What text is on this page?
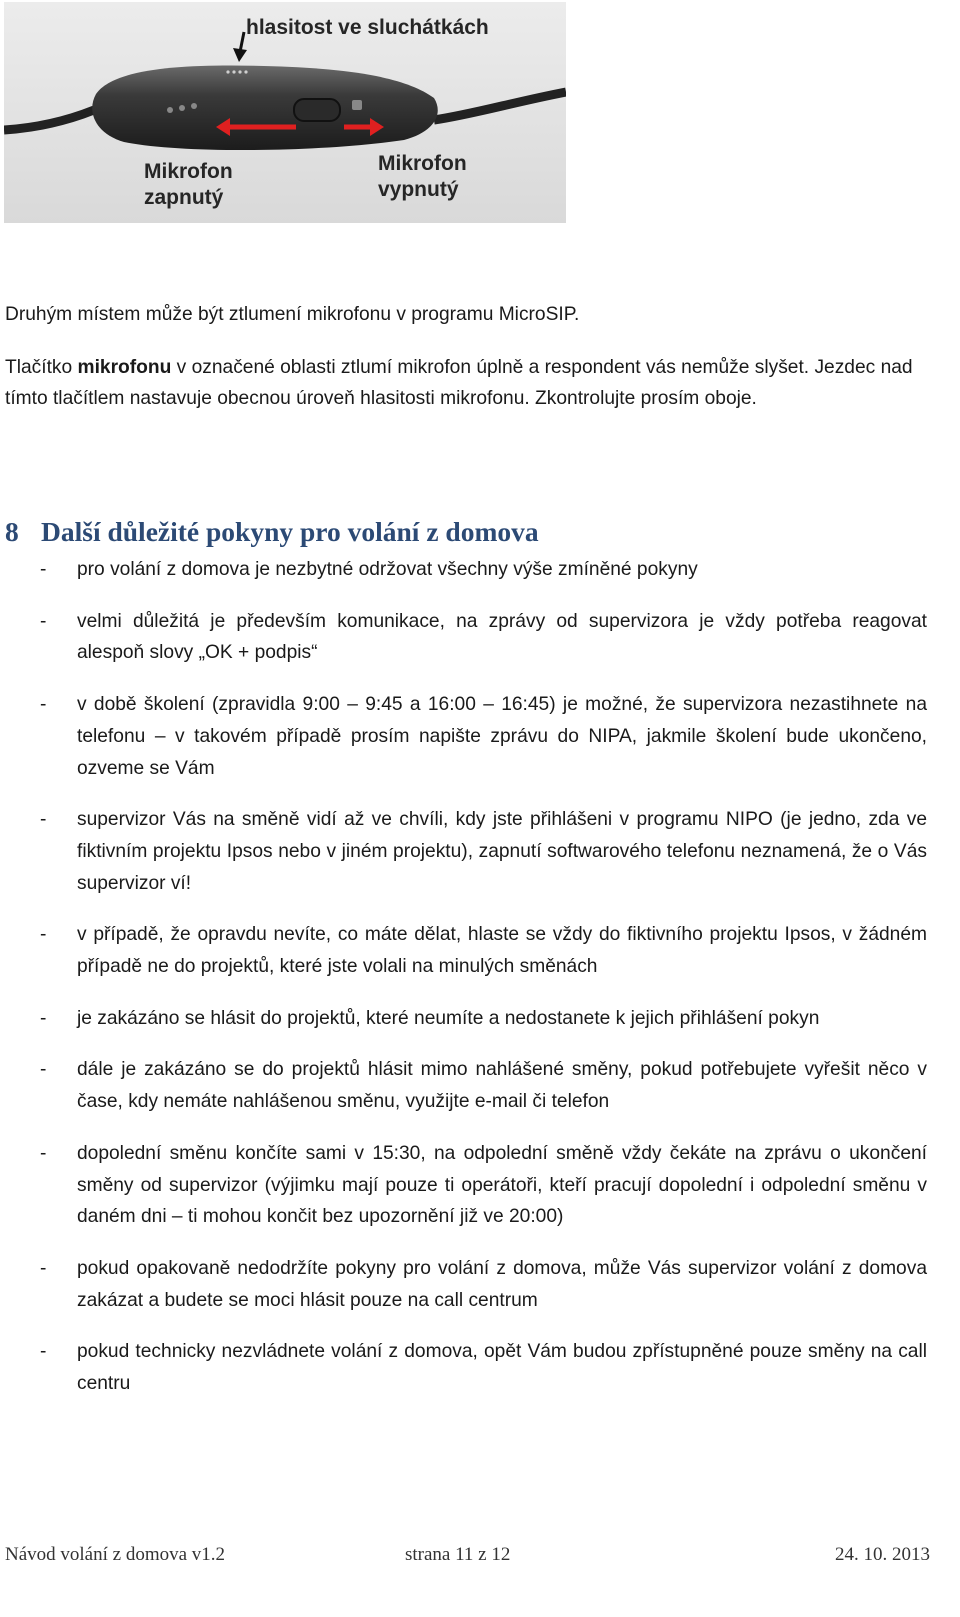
hlasitost ve sluchátkách
Mikrofon
zapnutý
Mikrofon
vypnutý

Druhým místem může být ztlumení mikrofonu v programu MicroSIP.

Tlačítko mikrofonu v označené oblasti ztlumí mikrofon úplně a respondent vás nemůže slyšet. Jezdec nad tímto tlačítlem nastavuje obecnou úroveň hlasitosti mikrofonu. Zkontrolujte prosím oboje.

8 Další důležité pokyny pro volání z domova
- pro volání z domova je nezbytné održovat všechny výše zmíněné pokyny
- velmi důležitá je především komunikace, na zprávy od supervizora je vždy potřeba reagovat alespoň slovy „OK + podpis“
- v době školení (zpravidla 9:00 – 9:45 a 16:00 – 16:45) je možné, že supervizora nezastihnete na telefonu – v takovém případě prosím napište zprávu do NIPA, jakmile školení bude ukončeno, ozveme se Vám
- supervizor Vás na směně vidí až ve chvíli, kdy jste přihlášeni v programu NIPO (je jedno, zda ve fiktivním projektu Ipsos nebo v jiném projektu), zapnutí softwarového telefonu neznamená, že o Vás supervizor ví!
- v případě, že opravdu nevíte, co máte dělat, hlaste se vždy do fiktivního projektu Ipsos, v žádném případě ne do projektů, které jste volali na minulých směnách
- je zakázáno se hlásit do projektů, které neumíte a nedostanete k jejich přihlášení pokyn
- dále je zakázáno se do projektů hlásit mimo nahlášené směny, pokud potřebujete vyřešit něco v čase, kdy nemáte nahlášenou směnu, využijte e-mail či telefon
- dopolední směnu končíte sami v 15:30, na odpolední směně vždy čekáte na zprávu o ukončení směny od supervizor (výjimku mají pouze ti operátoři, kteří pracují dopolední i odpolední směnu v daném dni – ti mohou končit bez upozornění již ve 20:00)
- pokud opakovaně nedodržíte pokyny pro volání z domova, může Vás supervizor volání z domova zakázat a budete se moci hlásit pouze na call centrum
- pokud technicky nezvládnete volání z domova, opět Vám budou zpřístupněné pouze směny na call centru
Návod volání z domova v1.2	strana 11 z 12	24. 10. 2013
